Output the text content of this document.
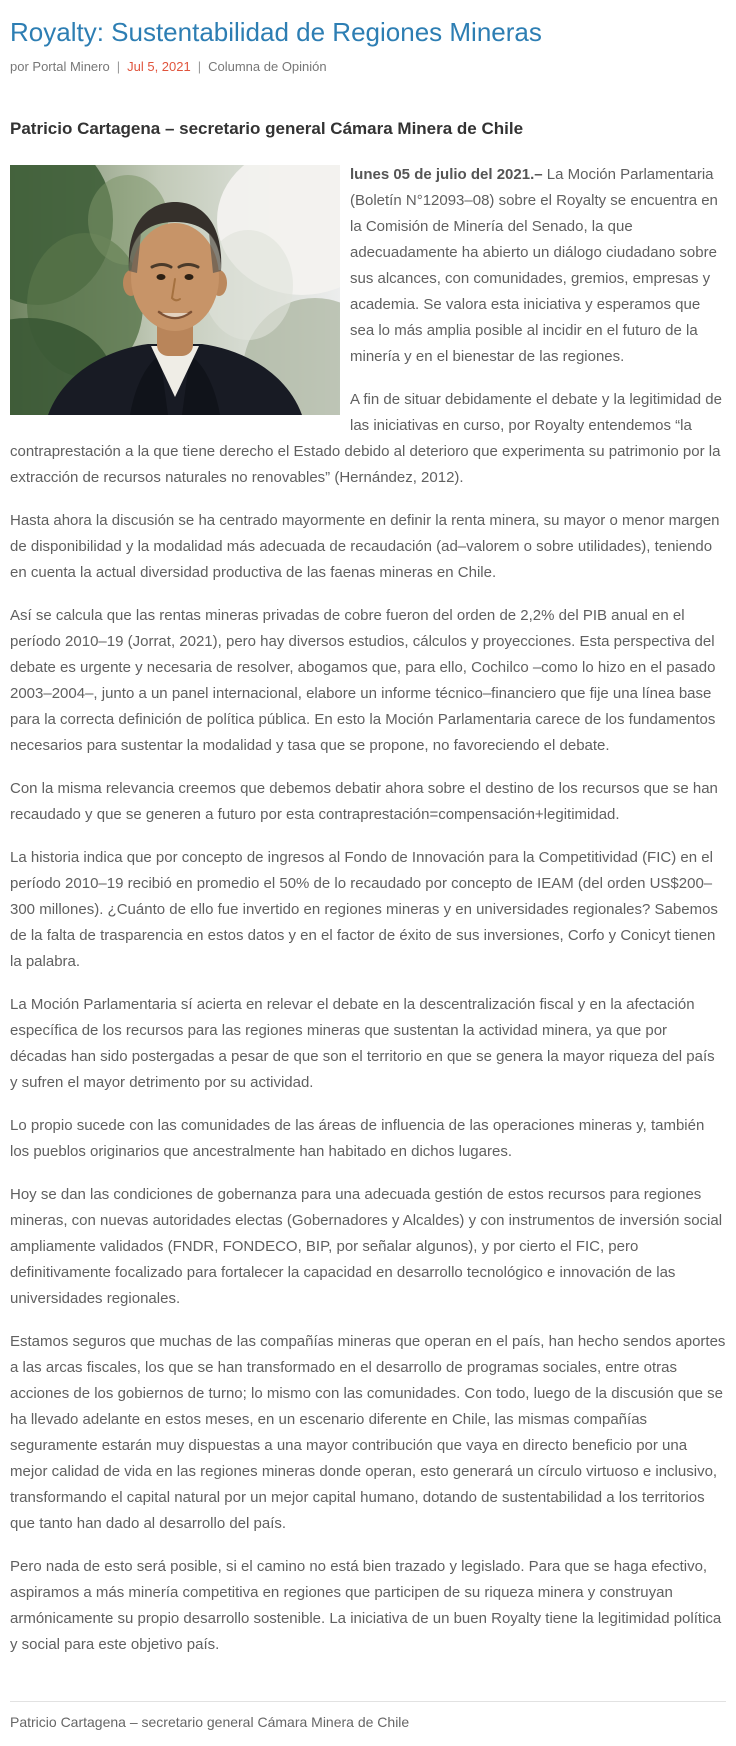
Royalty: Sustentabilidad de Regiones Mineras
por Portal Minero | Jul 5, 2021 | Columna de Opinión
Patricio Cartagena – secretario general Cámara Minera de Chile

lunes 05 de julio del 2021.– La Moción Parlamentaria (Boletín N°12093–08) sobre el Royalty se encuentra en la Comisión de Minería del Senado, la que adecuadamente ha abierto un diálogo ciudadano sobre sus alcances, con comunidades, gremios, empresas y academia. Se valora esta iniciativa y esperamos que sea lo más amplia posible al incidir en el futuro de la minería y en el bienestar de las regiones.

A fin de situar debidamente el debate y la legitimidad de las iniciativas en curso, por Royalty entendemos “la contraprestación a la que tiene derecho el Estado debido al deterioro que experimenta su patrimonio por la extracción de recursos naturales no renovables” (Hernández, 2012).

Hasta ahora la discusión se ha centrado mayormente en definir la renta minera, su mayor o menor margen de disponibilidad y la modalidad más adecuada de recaudación (ad–valorem o sobre utilidades), teniendo en cuenta la actual diversidad productiva de las faenas mineras en Chile.

Así se calcula que las rentas mineras privadas de cobre fueron del orden de 2,2% del PIB anual en el período 2010–19 (Jorrat, 2021), pero hay diversos estudios, cálculos y proyecciones. Esta perspectiva del debate es urgente y necesaria de resolver, abogamos que, para ello, Cochilco –como lo hizo en el pasado 2003–2004–, junto a un panel internacional, elabore un informe técnico–financiero que fije una línea base para la correcta definición de política pública. En esto la Moción Parlamentaria carece de los fundamentos necesarios para sustentar la modalidad y tasa que se propone, no favoreciendo el debate.

Con la misma relevancia creemos que debemos debatir ahora sobre el destino de los recursos que se han recaudado y que se generen a futuro por esta contraprestación=compensación+legitimidad.

La historia indica que por concepto de ingresos al Fondo de Innovación para la Competitividad (FIC) en el período 2010–19 recibió en promedio el 50% de lo recaudado por concepto de IEAM (del orden US$200–300 millones). ¿Cuánto de ello fue invertido en regiones mineras y en universidades regionales? Sabemos de la falta de trasparencia en estos datos y en el factor de éxito de sus inversiones, Corfo y Conicyt tienen la palabra.

La Moción Parlamentaria sí acierta en relevar el debate en la descentralización fiscal y en la afectación específica de los recursos para las regiones mineras que sustentan la actividad minera, ya que por décadas han sido postergadas a pesar de que son el territorio en que se genera la mayor riqueza del país y sufren el mayor detrimento por su actividad.

Lo propio sucede con las comunidades de las áreas de influencia de las operaciones mineras y, también los pueblos originarios que ancestralmente han habitado en dichos lugares.

Hoy se dan las condiciones de gobernanza para una adecuada gestión de estos recursos para regiones mineras, con nuevas autoridades electas (Gobernadores y Alcaldes) y con instrumentos de inversión social ampliamente validados (FNDR, FONDECO, BIP, por señalar algunos), y por cierto el FIC, pero definitivamente focalizado para fortalecer la capacidad en desarrollo tecnológico e innovación de las universidades regionales.

Estamos seguros que muchas de las compañías mineras que operan en el país, han hecho sendos aportes a las arcas fiscales, los que se han transformado en el desarrollo de programas sociales, entre otras acciones de los gobiernos de turno; lo mismo con las comunidades. Con todo, luego de la discusión que se ha llevado adelante en estos meses, en un escenario diferente en Chile, las mismas compañías seguramente estarán muy dispuestas a una mayor contribución que vaya en directo beneficio por una mejor calidad de vida en las regiones mineras donde operan, esto generará un círculo virtuoso e inclusivo, transformando el capital natural por un mejor capital humano, dotando de sustentabilidad a los territorios que tanto han dado al desarrollo del país.

Pero nada de esto será posible, si el camino no está bien trazado y legislado. Para que se haga efectivo, aspiramos a más minería competitiva en regiones que participen de su riqueza minera y construyan armónicamente su propio desarrollo sostenible. La iniciativa de un buen Royalty tiene la legitimidad política y social para este objetivo país.

Patricio Cartagena – secretario general Cámara Minera de Chile
